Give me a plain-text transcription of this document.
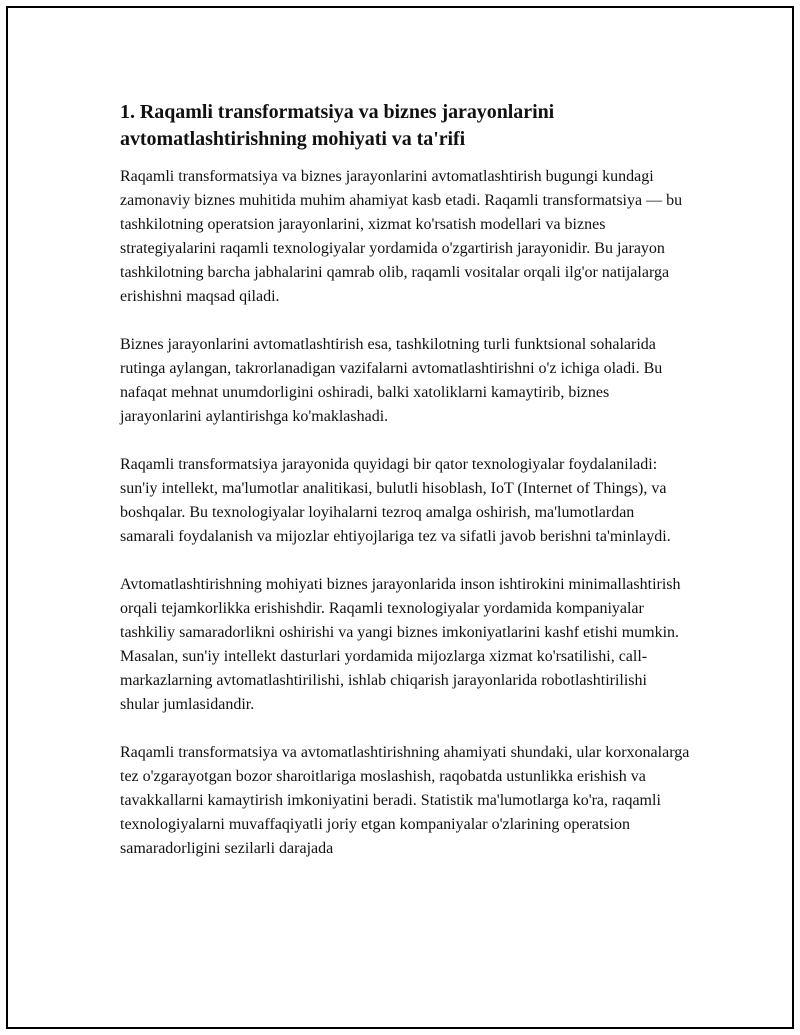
1. Raqamli transformatsiya va biznes jarayonlarini avtomatlashtirishning mohiyati va ta'rifi

Raqamli transformatsiya va biznes jarayonlarini avtomatlashtirish bugungi kundagi zamonaviy biznes muhitida muhim ahamiyat kasb etadi. Raqamli transformatsiya — bu tashkilotning operatsion jarayonlarini, xizmat ko'rsatish modellari va biznes strategiyalarini raqamli texnologiyalar yordamida o'zgartirish jarayonidir. Bu jarayon tashkilotning barcha jabhalarini qamrab olib, raqamli vositalar orqali ilg'or natijalarga erishishni maqsad qiladi.

Biznes jarayonlarini avtomatlashtirish esa, tashkilotning turli funktsional sohalarida rutinga aylangan, takrorlanadigan vazifalarni avtomatlashtirishni o'z ichiga oladi. Bu nafaqat mehnat unumdorligini oshiradi, balki xatoliklarni kamaytirib, biznes jarayonlarini aylantirishga ko'maklashadi.

Raqamli transformatsiya jarayonida quyidagi bir qator texnologiyalar foydalaniladi: sun'iy intellekt, ma'lumotlar analitikasi, bulutli hisoblash, IoT (Internet of Things), va boshqalar. Bu texnologiyalar loyihalarni tezroq amalga oshirish, ma'lumotlardan samarali foydalanish va mijozlar ehtiyojlariga tez va sifatli javob berishni ta'minlaydi.

Avtomatlashtirishning mohiyati biznes jarayonlarida inson ishtirokini minimallashtirish orqali tejamkorlikka erishishdir. Raqamli texnologiyalar yordamida kompaniyalar tashkiliy samaradorlikni oshirishi va yangi biznes imkoniyatlarini kashf etishi mumkin. Masalan, sun'iy intellekt dasturlari yordamida mijozlarga xizmat ko'rsatilishi, call-markazlarning avtomatlashtirilishi, ishlab chiqarish jarayonlarida robotlashtirilishi shular jumlasidandir.

Raqamli transformatsiya va avtomatlashtirishning ahamiyati shundaki, ular korxonalarga tez o'zgarayotgan bozor sharoitlariga moslashish, raqobatda ustunlikka erishish va tavakkallarni kamaytirish imkoniyatini beradi. Statistik ma'lumotlarga ko'ra, raqamli texnologiyalarni muvaffaqiyatli joriy etgan kompaniyalar o'zlarining operatsion samaradorligini sezilarli darajada
